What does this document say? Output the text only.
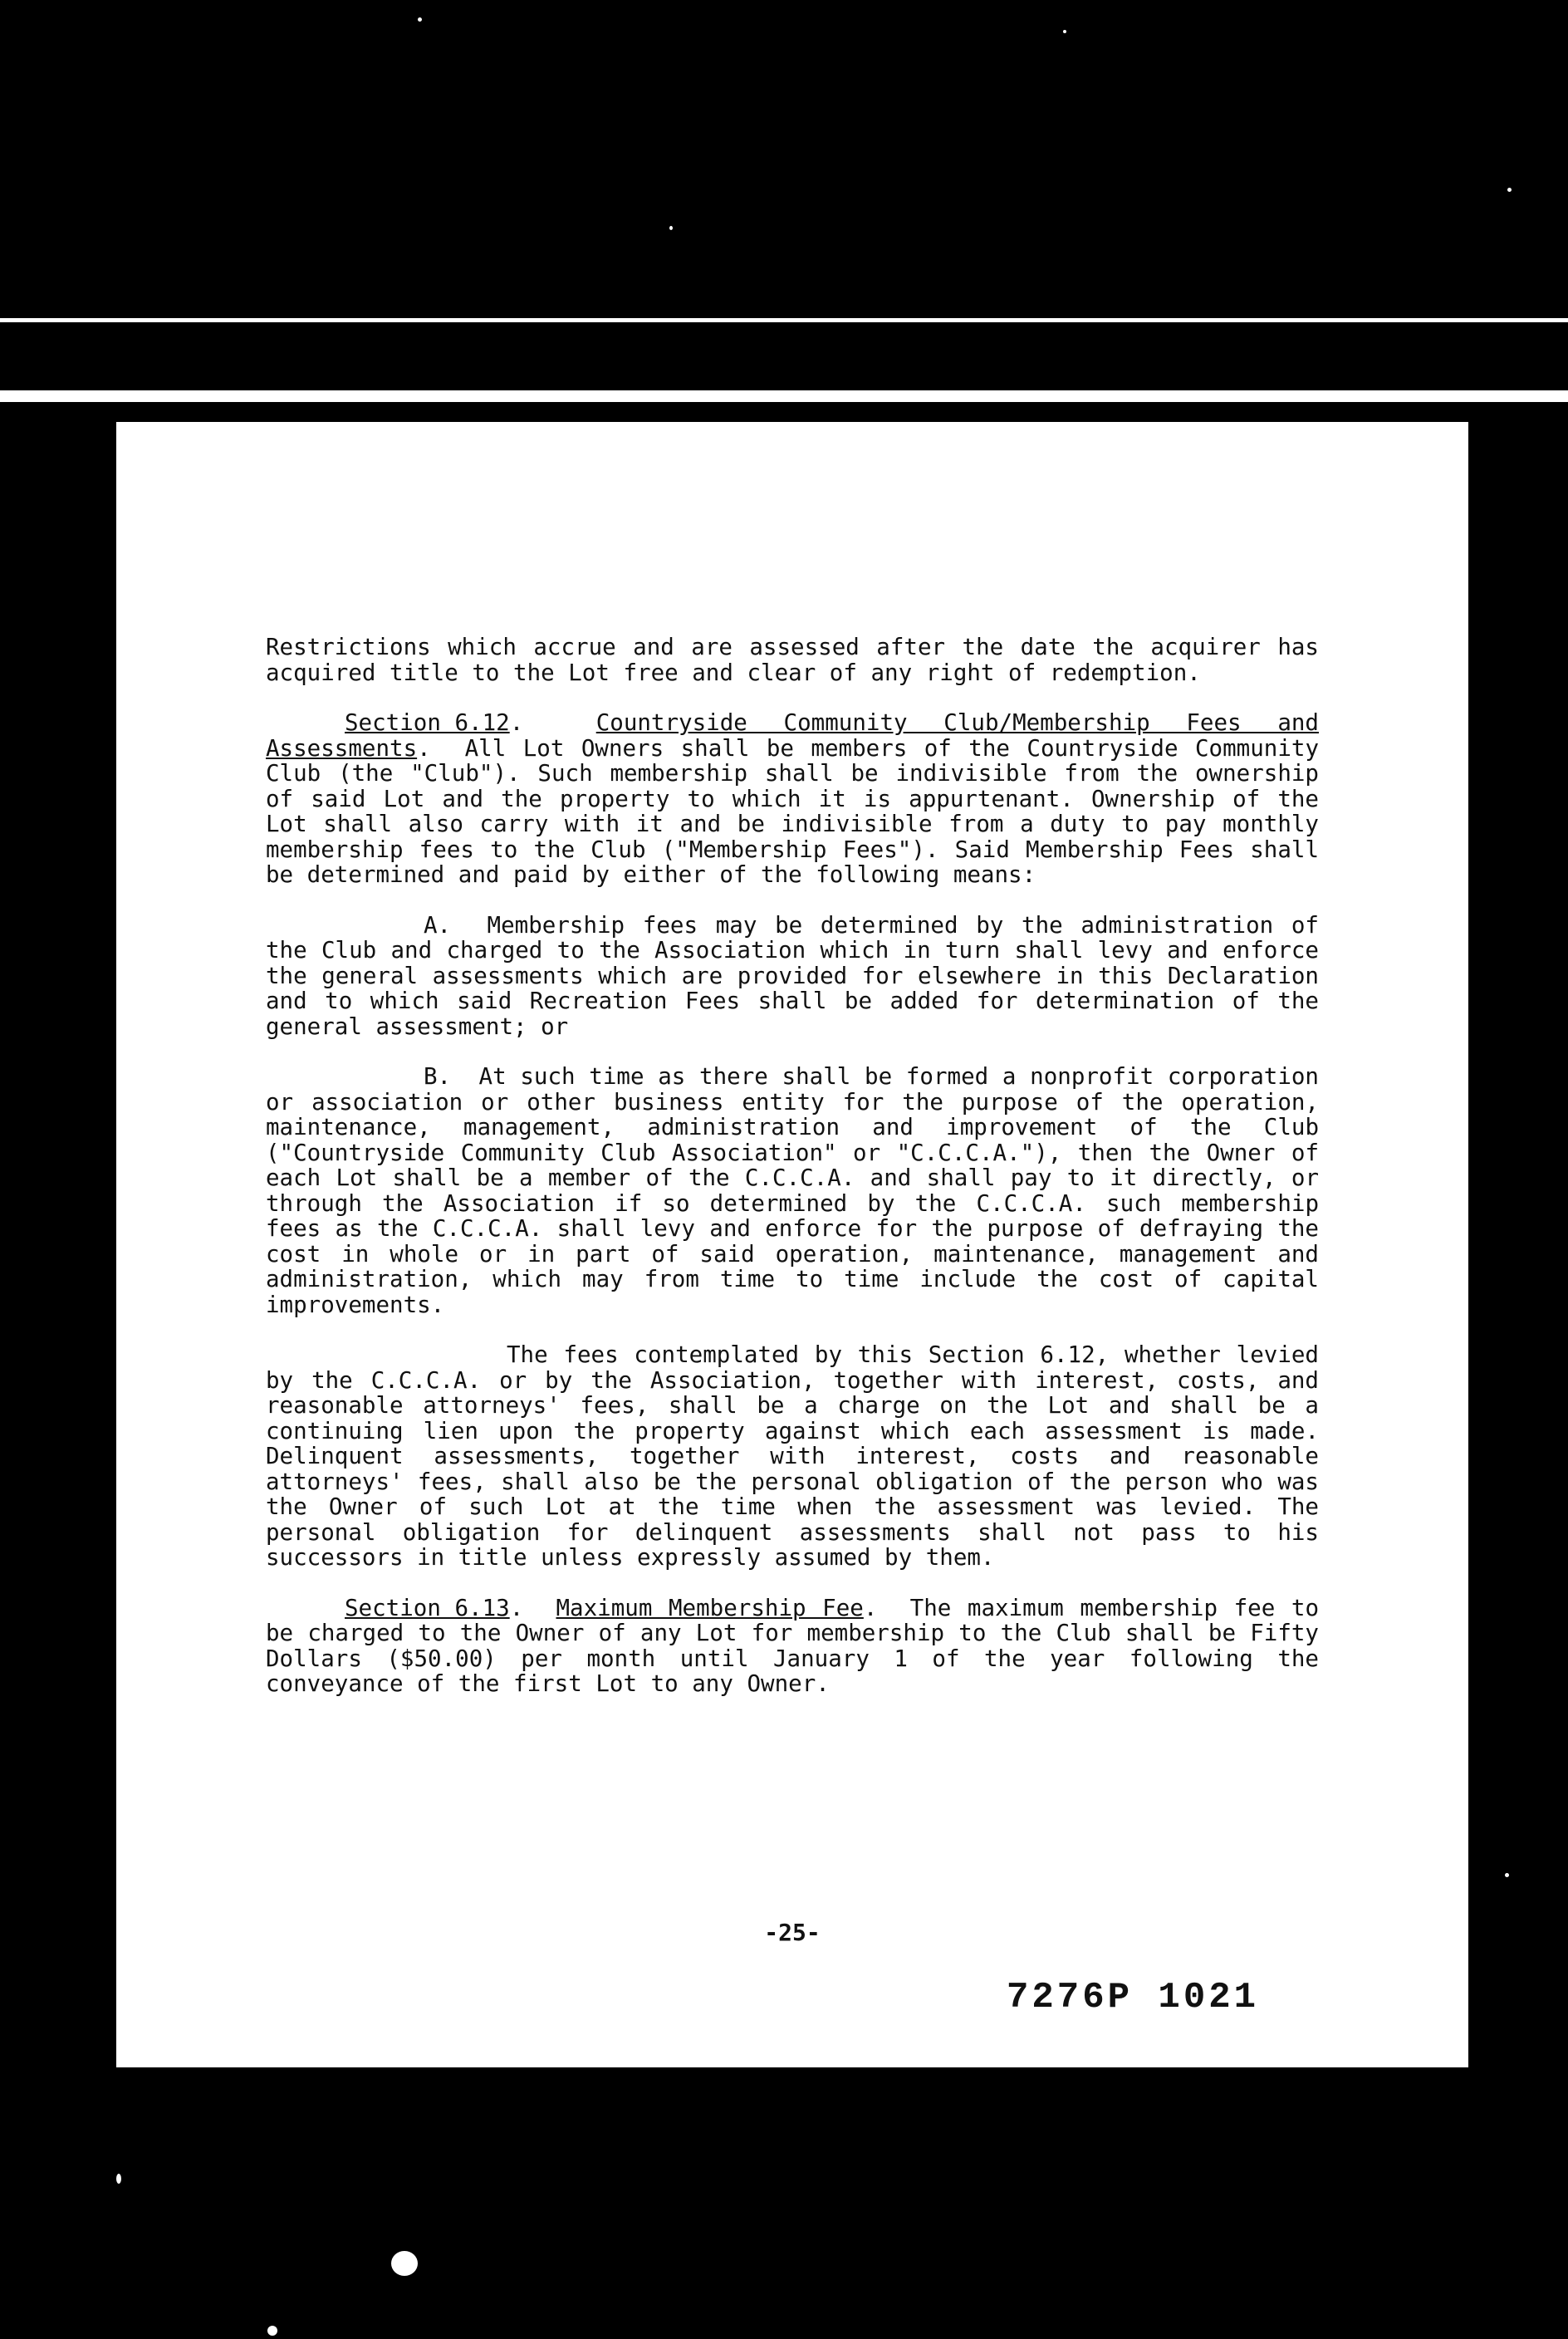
Restrictions which accrue and are assessed after the date the acquirer has acquired title to the Lot free and clear of any right of redemption.

Section 6.12.  Countryside Community Club/Membership Fees and Assessments.  All Lot Owners shall be members of the Countryside Community Club (the "Club"). Such membership shall be indivisible from the ownership of said Lot and the property to which it is appurtenant. Ownership of the Lot shall also carry with it and be indivisible from a duty to pay monthly membership fees to the Club ("Membership Fees"). Said Membership Fees shall be determined and paid by either of the following means:

A. Membership fees may be determined by the administration of the Club and charged to the Association which in turn shall levy and enforce the general assessments which are provided for elsewhere in this Declaration and to which said Recreation Fees shall be added for determination of the general assessment; or

B. At such time as there shall be formed a nonprofit corporation or association or other business entity for the purpose of the operation, maintenance, management, administration and improvement of the Club ("Countryside Community Club Association" or "C.C.C.A."), then the Owner of each Lot shall be a member of the C.C.C.A. and shall pay to it directly, or through the Association if so determined by the C.C.C.A. such membership fees as the C.C.C.A. shall levy and enforce for the purpose of defraying the cost in whole or in part of said operation, maintenance, management and administration, which may from time to time include the cost of capital improvements.

The fees contemplated by this Section 6.12, whether levied by the C.C.C.A. or by the Association, together with interest, costs, and reasonable attorneys' fees, shall be a charge on the Lot and shall be a continuing lien upon the property against which each assessment is made. Delinquent assessments, together with interest, costs and reasonable attorneys' fees, shall also be the personal obligation of the person who was the Owner of such Lot at the time when the assessment was levied. The personal obligation for delinquent assessments shall not pass to his successors in title unless expressly assumed by them.

Section 6.13.  Maximum Membership Fee.  The maximum membership fee to be charged to the Owner of any Lot for membership to the Club shall be Fifty Dollars ($50.00) per month until January 1 of the year following the conveyance of the first Lot to any Owner.

-25-
7276P 1021
